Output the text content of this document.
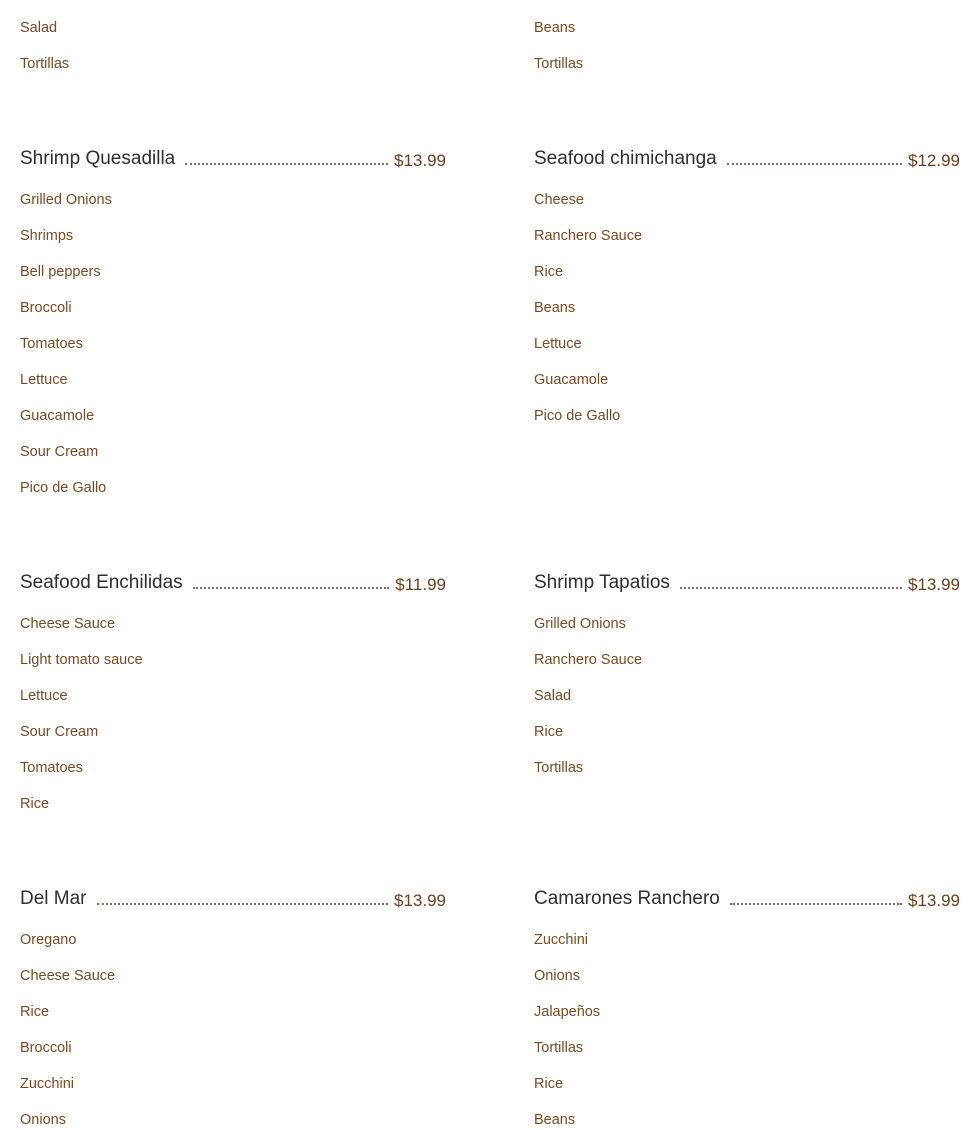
Salad
Tortillas
Beans
Tortillas
Shrimp Quesadilla	$13.99
Grilled Onions
Shrimps
Bell peppers
Broccoli
Tomatoes
Lettuce
Guacamole
Sour Cream
Pico de Gallo
Seafood chimichanga	$12.99
Cheese
Ranchero Sauce
Rice
Beans
Lettuce
Guacamole
Pico de Gallo
Seafood Enchilidas	$11.99
Cheese Sauce
Light tomato sauce
Lettuce
Sour Cream
Tomatoes
Rice
Shrimp Tapatios	$13.99
Grilled Onions
Ranchero Sauce
Salad
Rice
Tortillas
Del Mar	$13.99
Oregano
Cheese Sauce
Rice
Broccoli
Zucchini
Onions
Camarones Ranchero	$13.99
Zucchini
Onions
Jalapeños
Tortillas
Rice
Beans
